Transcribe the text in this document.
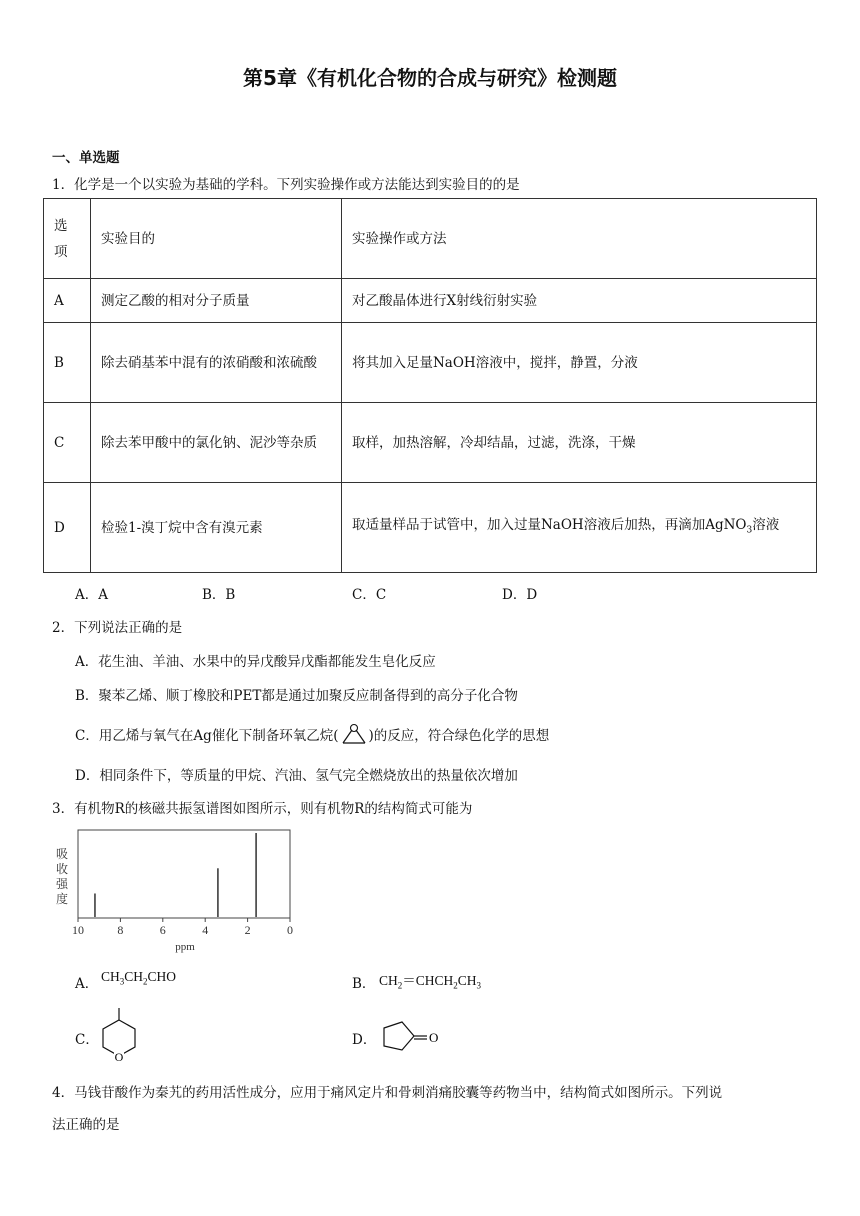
第5章《有机化合物的合成与研究》检测题
一、单选题
1．化学是一个以实验为基础的学科。下列实验操作或方法能达到实验目的的是
选项	实验目的	实验操作或方法
A	测定乙酸的相对分子质量	对乙酸晶体进行X射线衍射实验
B	除去硝基苯中混有的浓硝酸和浓硫酸	将其加入足量NaOH溶液中，搅拌，静置，分液
C	除去苯甲酸中的氯化钠、泥沙等杂质	取样，加热溶解，冷却结晶，过滤，洗涤，干燥
D	检验1-溴丁烷中含有溴元素	取适量样品于试管中，加入过量NaOH溶液后加热，再滴加AgNO$_3$溶液
A．A	B．B	C．C	D．D
2．下列说法正确的是
A．花生油、羊油、水果中的异戊酸异戊酯都能发生皂化反应
B．聚苯乙烯、顺丁橡胶和PET都是通过加聚反应制备得到的高分子化合物
C．用乙烯与氧气在Ag催化下制备环氧乙烷( )的反应，符合绿色化学的思想
D．相同条件下，等质量的甲烷、汽油、氢气完全燃烧放出的热量依次增加
3．有机物R的核磁共振氢谱图如图所示，则有机物R的结构简式可能为
10	8	6	4	2	0
吸收强度
ppm
A． $CH_3CH_2CHO$	B． $CH_2=CHCH_2CH_3$
C．
O
D．	O
4．马钱苷酸作为秦艽的药用活性成分，应用于痛风定片和骨刺消痛胶囊等药物当中，结构简式如图所示。下列说
法正确的是
